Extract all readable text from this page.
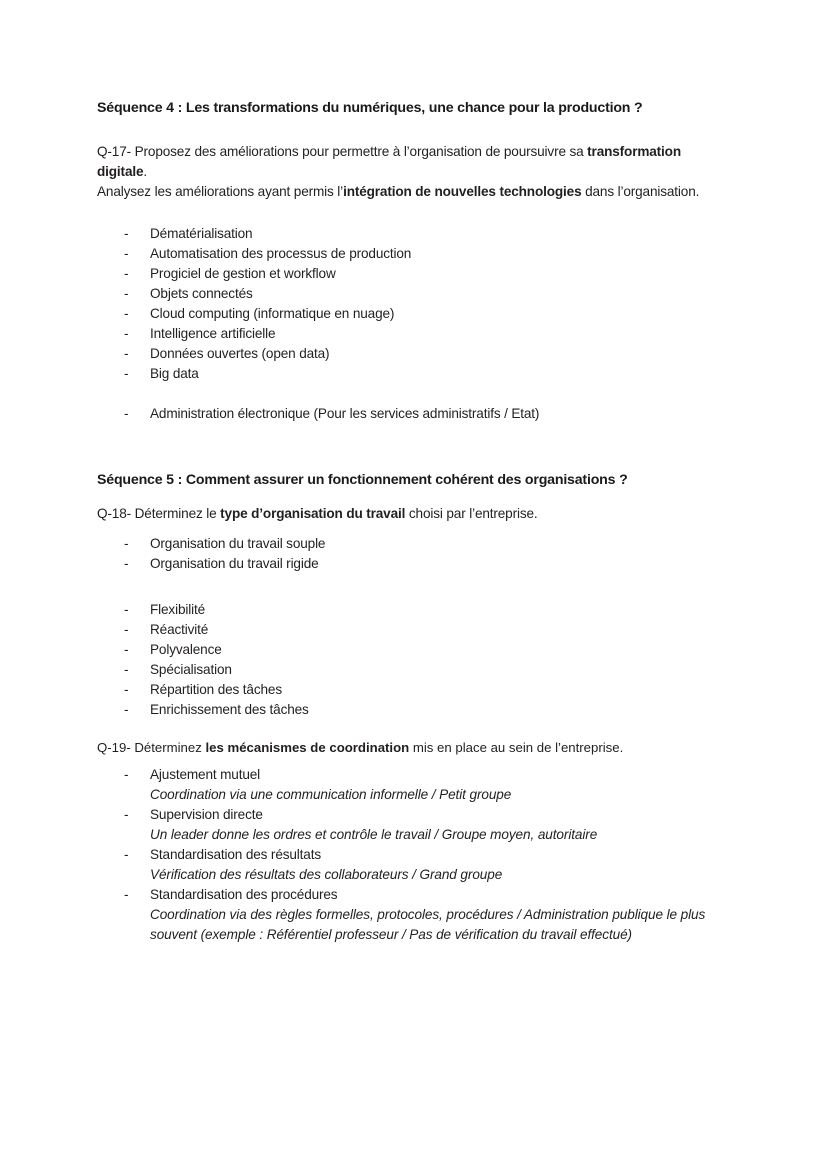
Séquence 4 : Les transformations du numériques, une chance pour la production ?

Q-17- Proposez des améliorations pour permettre à l’organisation de poursuivre sa transformation digitale.

Analysez les améliorations ayant permis l’intégration de nouvelles technologies dans l’organisation.

-	Dématérialisation
-	Automatisation des processus de production
-	Progiciel de gestion et workflow
-	Objets connectés
-	Cloud computing (informatique en nuage)
-	Intelligence artificielle
-	Données ouvertes (open data)
-	Big data
-	Administration électronique (Pour les services administratifs / Etat)
Séquence 5 : Comment assurer un fonctionnement cohérent des organisations ?

Q-18- Déterminez le type d’organisation du travail choisi par l’entreprise.

-	Organisation du travail souple
-	Organisation du travail rigide
-	Flexibilité
-	Réactivité
-	Polyvalence
-	Spécialisation
-	Répartition des tâches
-	Enrichissement des tâches

Q-19- Déterminez les mécanismes de coordination mis en place au sein de l’entreprise.

-	Ajustement mutuel
Coordination via une communication informelle / Petit groupe
-	Supervision directe
Un leader donne les ordres et contrôle le travail / Groupe moyen, autoritaire
-	Standardisation des résultats
Vérification des résultats des collaborateurs / Grand groupe
-	Standardisation des procédures
Coordination via des règles formelles, protocoles, procédures / Administration publique le plus souvent (exemple : Référentiel professeur / Pas de vérification du travail effectué)
